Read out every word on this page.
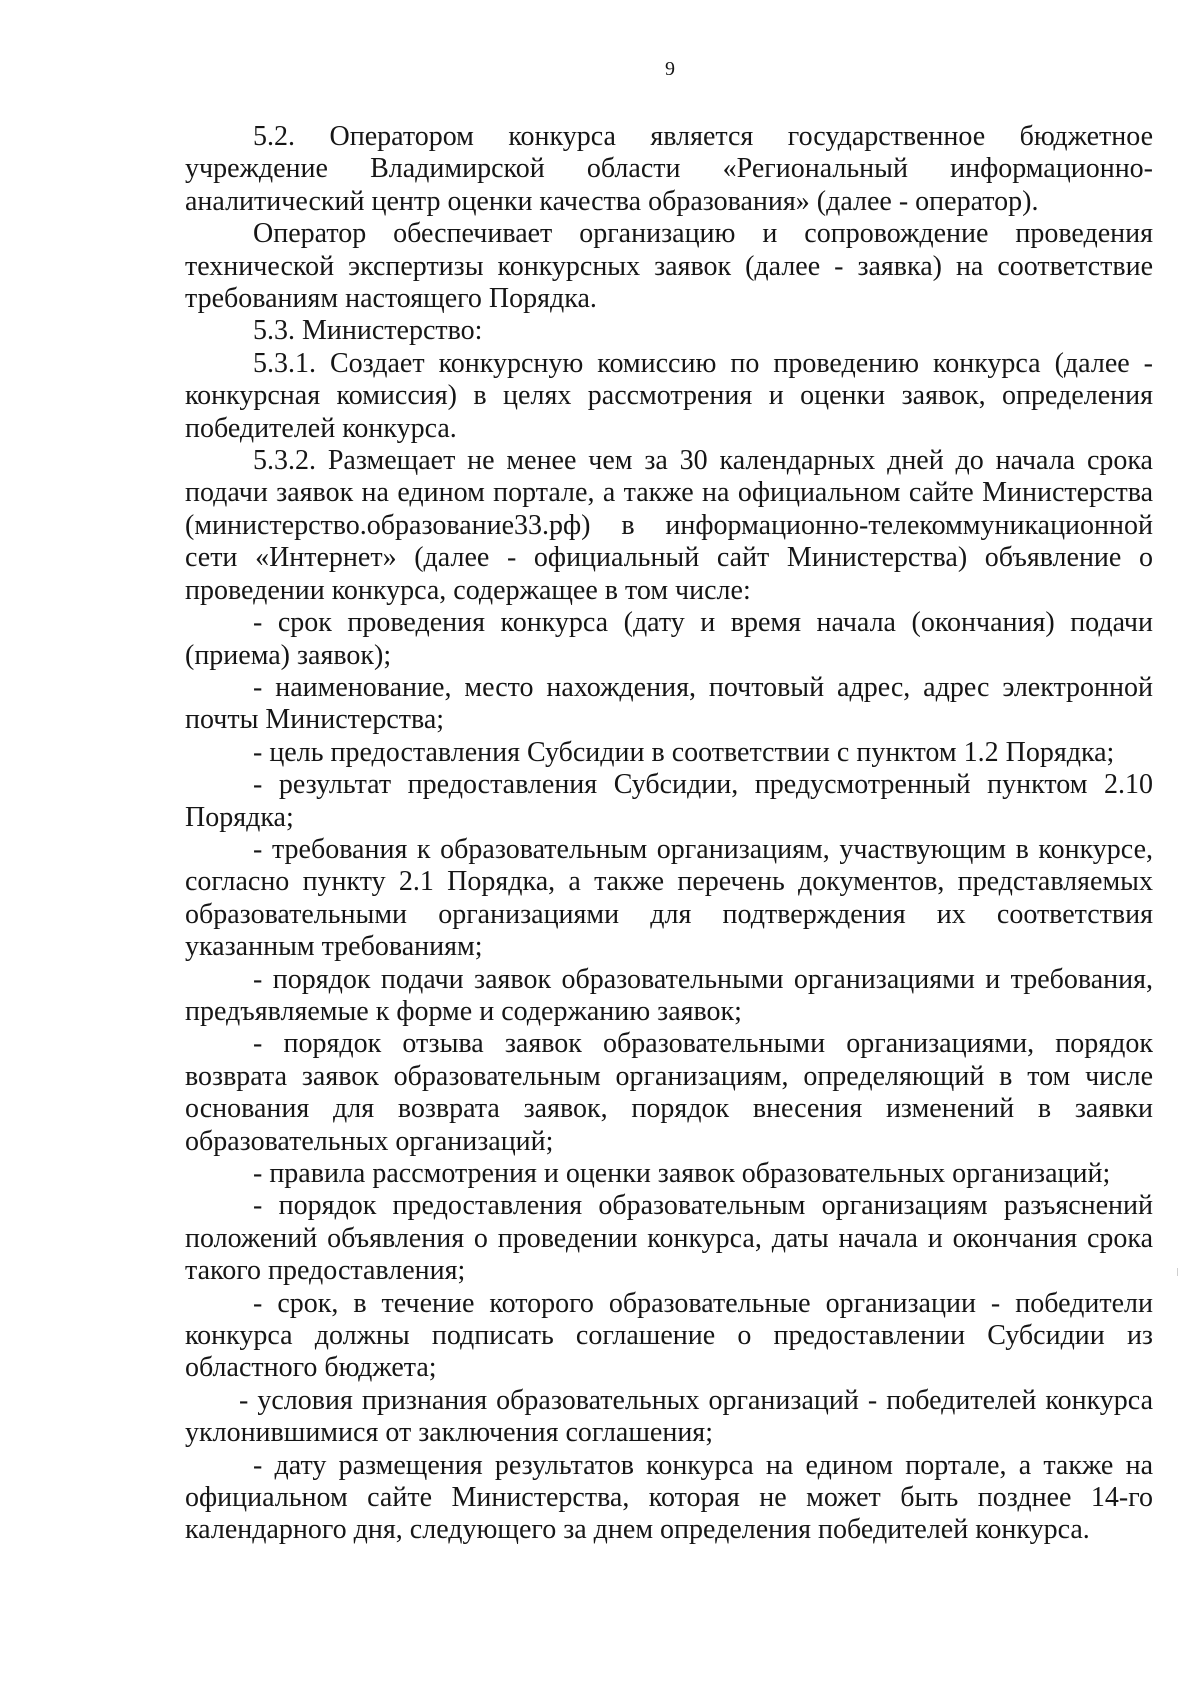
9

5.2. Оператором конкурса является государственное бюджетное учреждение Владимирской области «Региональный информационно-аналитический центр оценки качества образования» (далее - оператор).

Оператор обеспечивает организацию и сопровождение проведения технической экспертизы конкурсных заявок (далее - заявка) на соответствие требованиям настоящего Порядка.

5.3. Министерство:

5.3.1. Создает конкурсную комиссию по проведению конкурса (далее - конкурсная комиссия) в целях рассмотрения и оценки заявок, определения победителей конкурса.

5.3.2. Размещает не менее чем за 30 календарных дней до начала срока подачи заявок на едином портале, а также на официальном сайте Министерства (министерство.образование33.рф) в информационно-телекоммуникационной сети «Интернет» (далее - официальный сайт Министерства) объявление о проведении конкурса, содержащее в том числе:

- срок проведения конкурса (дату и время начала (окончания) подачи (приема) заявок);

- наименование, место нахождения, почтовый адрес, адрес электронной почты Министерства;

- цель предоставления Субсидии в соответствии с пунктом 1.2 Порядка;

- результат предоставления Субсидии, предусмотренный пунктом 2.10 Порядка;

- требования к образовательным организациям, участвующим в конкурсе, согласно пункту 2.1 Порядка, а также перечень документов, представляемых образовательными организациями для подтверждения их соответствия указанным требованиям;

- порядок подачи заявок образовательными организациями и требования, предъявляемые к форме и содержанию заявок;

- порядок отзыва заявок образовательными организациями, порядок возврата заявок образовательным организациям, определяющий в том числе основания для возврата заявок, порядок внесения изменений в заявки образовательных организаций;

- правила рассмотрения и оценки заявок образовательных организаций;

- порядок предоставления образовательным организациям разъяснений положений объявления о проведении конкурса, даты начала и окончания срока такого предоставления;

- срок, в течение которого образовательные организации - победители конкурса должны подписать соглашение о предоставлении Субсидии из областного бюджета;

- условия признания образовательных организаций - победителей конкурса уклонившимися от заключения соглашения;

- дату размещения результатов конкурса на едином портале, а также на официальном сайте Министерства, которая не может быть позднее 14-го календарного дня, следующего за днем определения победителей конкурса.
